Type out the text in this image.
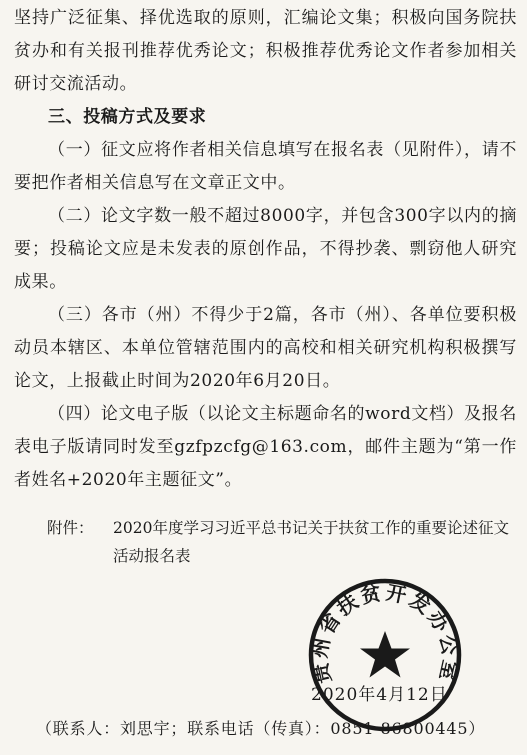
坚持广泛征集、择优选取的原则，汇编论文集；积极向国务院扶贫办和有关报刊推荐优秀论文；积极推荐优秀论文作者参加相关研讨交流活动。

三、投稿方式及要求

（一）征文应将作者相关信息填写在报名表（见附件），请不要把作者相关信息写在文章正文中。

（二）论文字数一般不超过8000字，并包含300字以内的摘要；投稿论文应是未发表的原创作品，不得抄袭、剽窃他人研究成果。

（三）各市（州）不得少于2篇，各市（州）、各单位要积极动员本辖区、本单位管辖范围内的高校和相关研究机构积极撰写论文，上报截止时间为2020年6月20日。

（四）论文电子版（以论文主标题命名的word文档）及报名表电子版请同时发至gzfpzcfg@163.com，邮件主题为“第一作者姓名+2020年主题征文”。

附件： 2020年度学习习近平总书记关于扶贫工作的重要论述征文活动报名表
贵州省扶贫开发办公室

2020年4月12日

（联系人：刘思宇；联系电话（传真）：0851-86800445）
